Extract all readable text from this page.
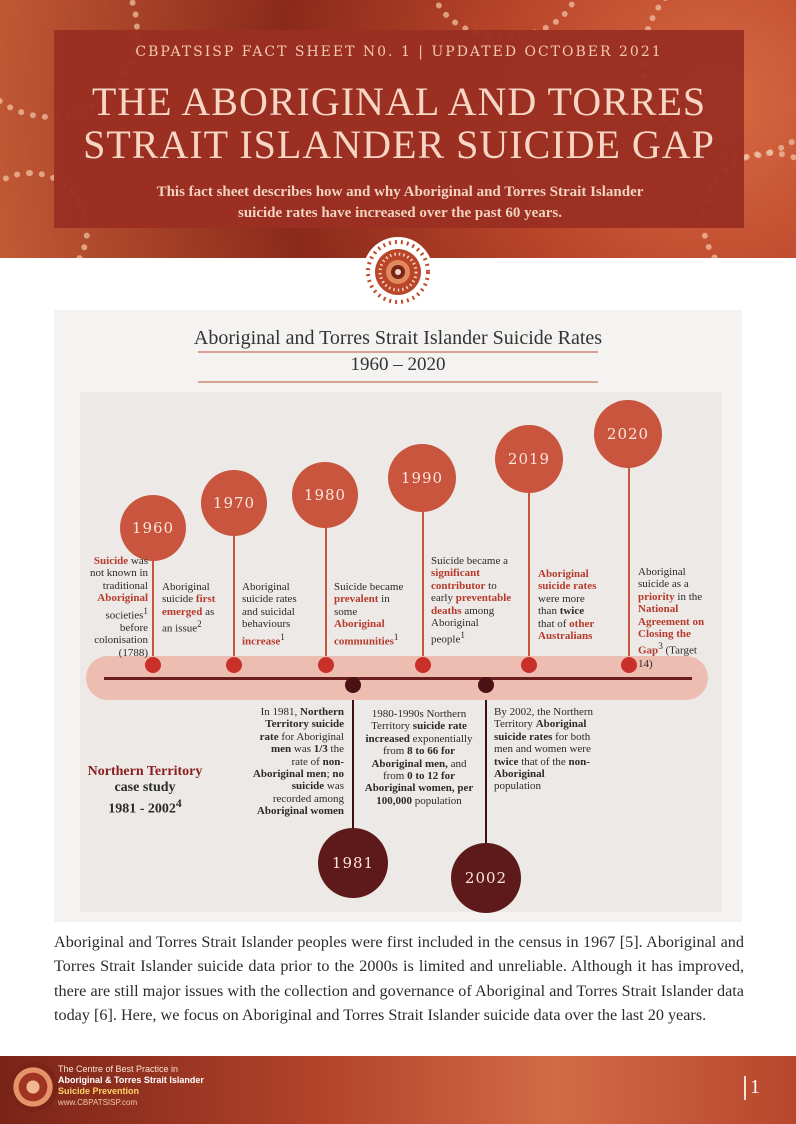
CBPATSISP FACT SHEET N0. 1 | UPDATED OCTOBER 2021
THE ABORIGINAL AND TORRES
STRAIT ISLANDER SUICIDE GAP
This fact sheet describes how and why Aboriginal and Torres Strait Islander
suicide rates have increased over the past 60 years.
Aboriginal and Torres Strait Islander Suicide Rates
1960 – 2020
1960
1970	1980
1990
2019
2020
1981
2002
Suicide was not known in traditional Aboriginal societies$^1$ before colonisation (1788)
Aboriginal suicide first emerged as an issue$^2$
Aboriginal suicide rates and suicidal behaviours increase$^1$
Suicide became prevalent in some Aboriginal communities$^1$
Suicide became a significant contributor to early preventable deaths among Aboriginal people$^1$
Aboriginal suicide rates were more than twice that of other Australians
Aboriginal suicide as a priority in the National Agreement on Closing the Gap$^3$ (Target 14)
In 1981, Northern Territory suicide rate for Aboriginal men was 1/3 the rate of non-Aboriginal men; no suicide was recorded among Aboriginal women
1980-1990s Northern Territory suicide rate increased exponentially from 8 to 66 for Aboriginal men, and from 0 to 12 for Aboriginal women, per 100,000 population
By 2002, the Northern Territory Aboriginal suicide rates for both men and women were twice that of the non-Aboriginal population
Northern Territory
case study
1981 - 2002$^4$
Aboriginal and Torres Strait Islander peoples were first included in the census in 1967 [5]. Aboriginal and Torres Strait Islander suicide data prior to the 2000s is limited and unreliable. Although it has improved, there are still major issues with the collection and governance of Aboriginal and Torres Strait Islander data today [6]. Here, we focus on Aboriginal and Torres Strait Islander suicide data over the last 20 years.
The Centre of Best Practice in
Aboriginal & Torres Strait Islander
Suicide Prevention
www.CBPATSISP.com
1
